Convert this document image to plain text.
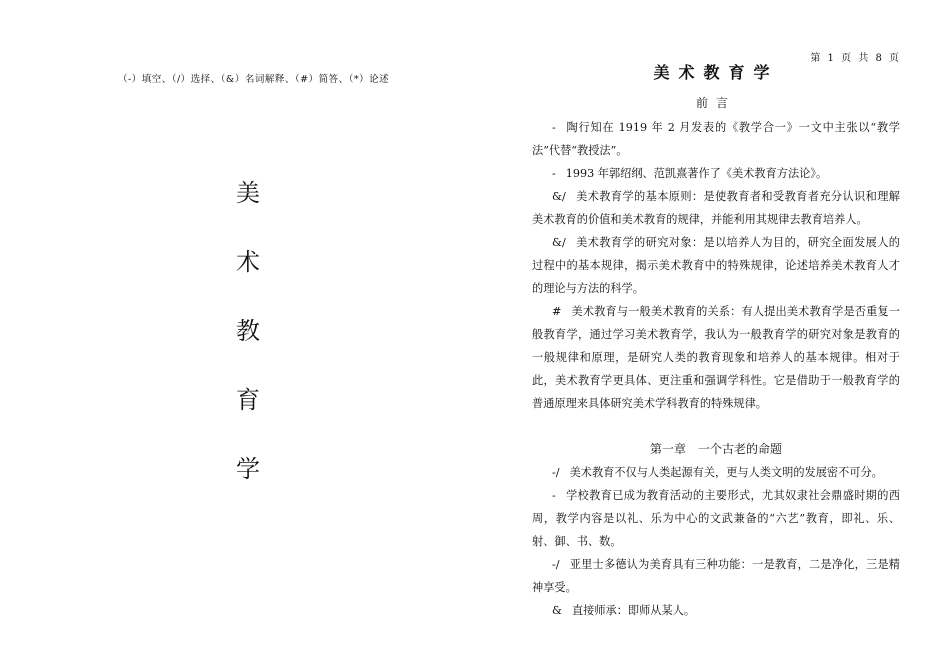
第 1 页 共 8 页
（-）填空、（/）选择、（&）名词解释、（#）简答、（*）论述
美
术
教
育
学
美术教育学
前言

- 陶行知在 1919 年 2 月发表的《教学合一》一文中主张以“教学法”代替“教授法”。

- 1993 年郭绍纲、范凯熹著作了《美术教育方法论》。

&/ 美术教育学的基本原则：是使教育者和受教育者充分认识和理解美术教育的价值和美术教育的规律，并能利用其规律去教育培养人。

&/ 美术教育学的研究对象：是以培养人为目的，研究全面发展人的过程中的基本规律，揭示美术教育中的特殊规律，论述培养美术教育人才的理论与方法的科学。

# 美术教育与一般美术教育的关系：有人提出美术教育学是否重复一般教育学，通过学习美术教育学，我认为一般教育学的研究对象是教育的一般规律和原理，是研究人类的教育现象和培养人的基本规律。相对于此，美术教育学更具体、更注重和强调学科性。它是借助于一般教育学的普通原理来具体研究美术学科教育的特殊规律。

第一章　一个古老的命题

-/ 美术教育不仅与人类起源有关，更与人类文明的发展密不可分。

- 学校教育已成为教育活动的主要形式，尤其奴隶社会鼎盛时期的西周，教学内容是以礼、乐为中心的文武兼备的“六艺”教育，即礼、乐、射、御、书、数。

-/ 亚里士多德认为美育具有三种功能：一是教育，二是净化，三是精神享受。

& 直接师承：即师从某人。
